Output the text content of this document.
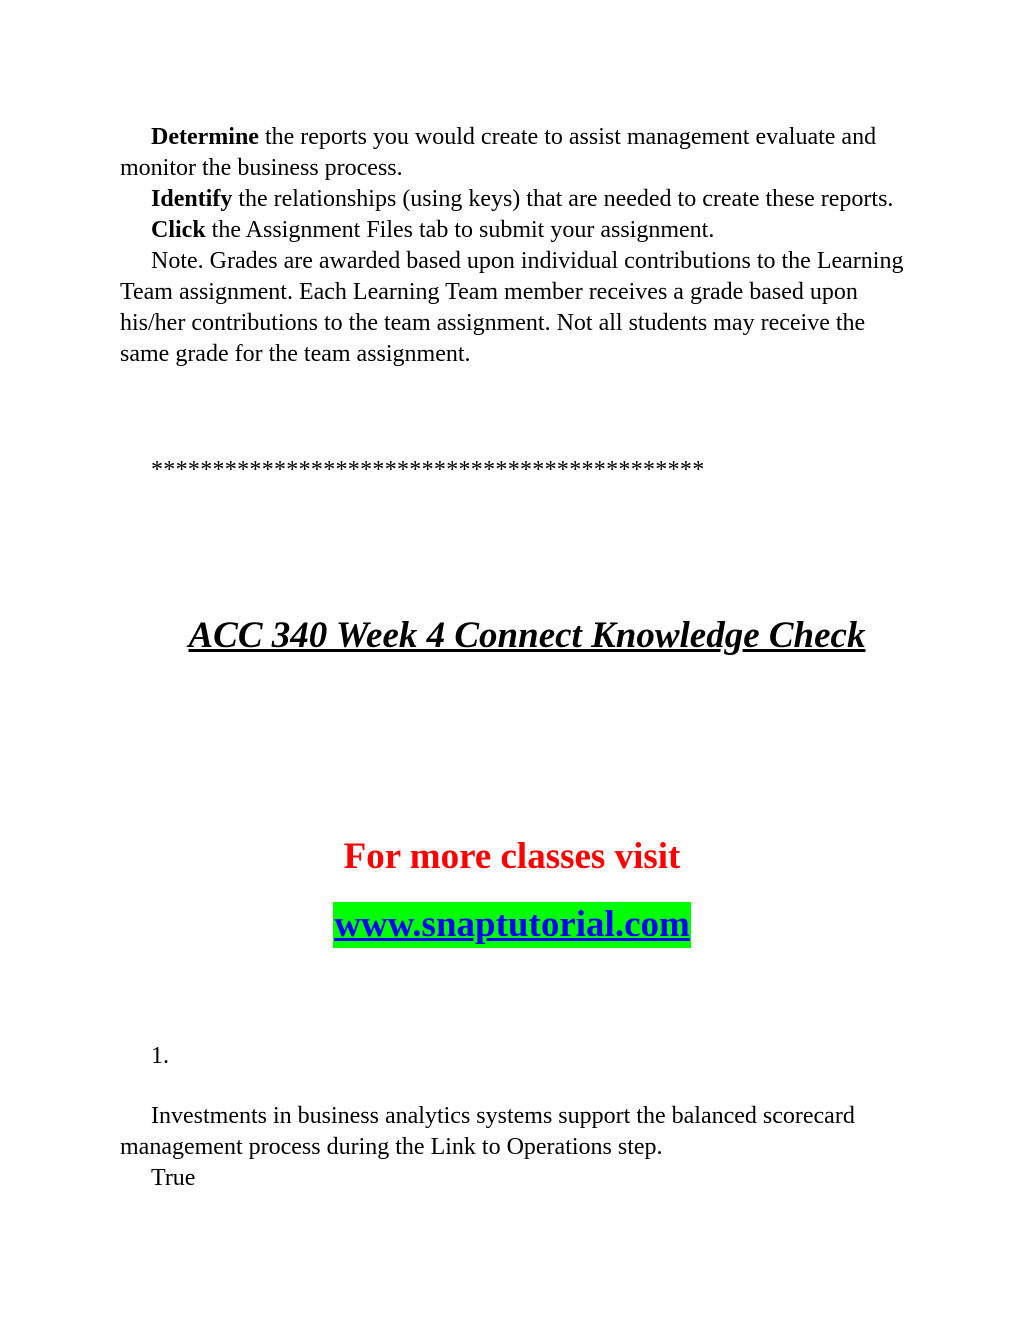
Determine the reports you would create to assist management evaluate and monitor the business process.

Identify the relationships (using keys) that are needed to create these reports.

Click the Assignment Files tab to submit your assignment.

Note. Grades are awarded based upon individual contributions to the Learning Team assignment. Each Learning Team member receives a grade based upon his/her contributions to the team assignment. Not all students may receive the same grade for the team assignment.

*********************************************

ACC 340 Week 4 Connect Knowledge Check
For more classes visit

www.snaptutorial.com

1.

Investments in business analytics systems support the balanced scorecard management process during the Link to Operations step.

True
